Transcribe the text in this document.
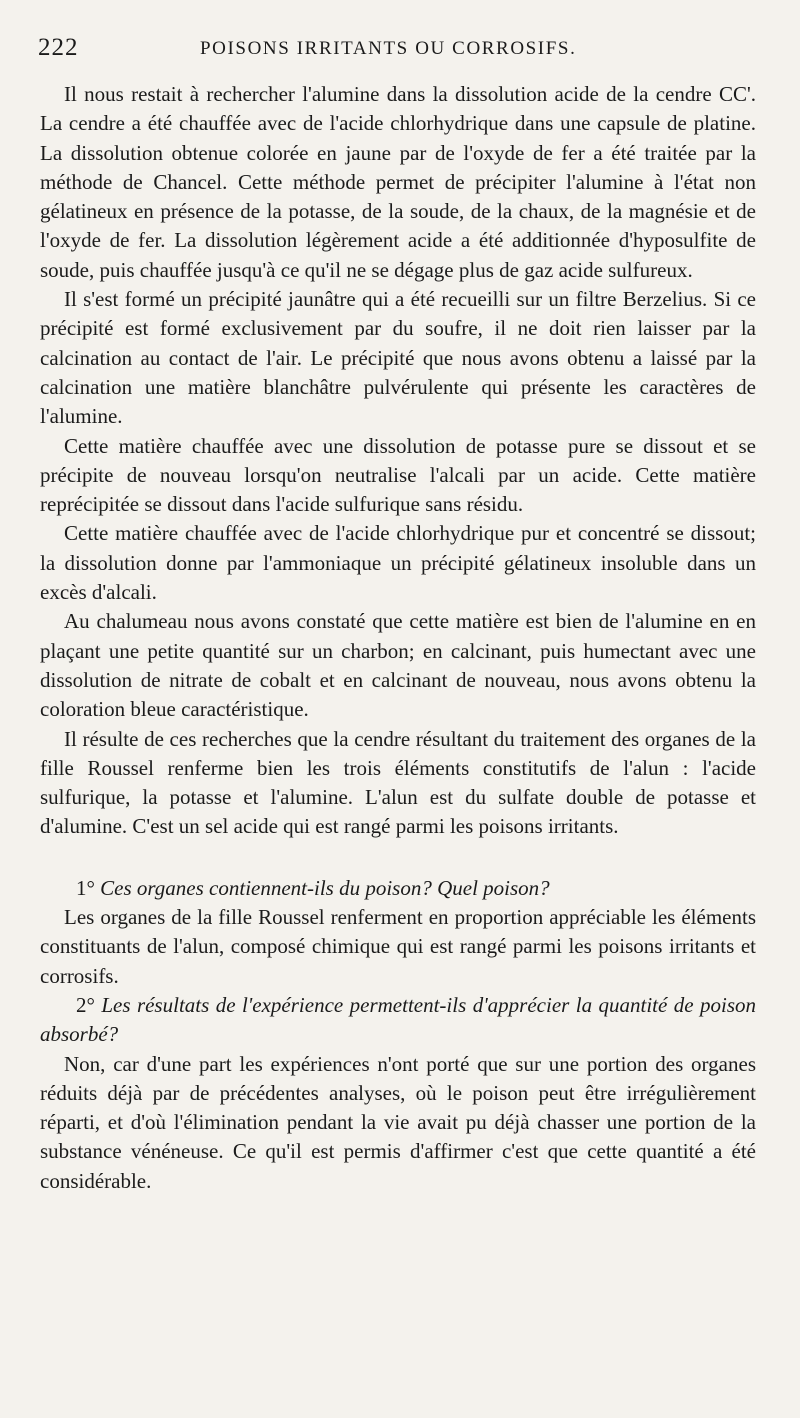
222	POISONS IRRITANTS OU CORROSIFS.

Il nous restait à rechercher l'alumine dans la dissolution acide de la cendre CC'. La cendre a été chauffée avec de l'acide chlorhydrique dans une capsule de platine. La dissolution obtenue colorée en jaune par de l'oxyde de fer a été traitée par la méthode de Chancel. Cette méthode permet de précipiter l'alumine à l'état non gélatineux en présence de la potasse, de la soude, de la chaux, de la magnésie et de l'oxyde de fer. La dissolution légèrement acide a été additionnée d'hyposulfite de soude, puis chauffée jusqu'à ce qu'il ne se dégage plus de gaz acide sulfureux.

Il s'est formé un précipité jaunâtre qui a été recueilli sur un filtre Berzelius. Si ce précipité est formé exclusivement par du soufre, il ne doit rien laisser par la calcination au contact de l'air. Le précipité que nous avons obtenu a laissé par la calcination une matière blanchâtre pulvérulente qui présente les caractères de l'alumine.

Cette matière chauffée avec une dissolution de potasse pure se dissout et se précipite de nouveau lorsqu'on neutralise l'alcali par un acide. Cette matière reprécipitée se dissout dans l'acide sulfurique sans résidu.

Cette matière chauffée avec de l'acide chlorhydrique pur et concentré se dissout; la dissolution donne par l'ammoniaque un précipité gélatineux insoluble dans un excès d'alcali.

Au chalumeau nous avons constaté que cette matière est bien de l'alumine en en plaçant une petite quantité sur un charbon; en calcinant, puis humectant avec une dissolution de nitrate de cobalt et en calcinant de nouveau, nous avons obtenu la coloration bleue caractéristique.

Il résulte de ces recherches que la cendre résultant du traitement des organes de la fille Roussel renferme bien les trois éléments constitutifs de l'alun : l'acide sulfurique, la potasse et l'alumine. L'alun est du sulfate double de potasse et d'alumine. C'est un sel acide qui est rangé parmi les poisons irritants.

1° Ces organes contiennent-ils du poison? Quel poison?

Les organes de la fille Roussel renferment en proportion appréciable les éléments constituants de l'alun, composé chimique qui est rangé parmi les poisons irritants et corrosifs.

2° Les résultats de l'expérience permettent-ils d'apprécier la quantité de poison absorbé?

Non, car d'une part les expériences n'ont porté que sur une portion des organes réduits déjà par de précédentes analyses, où le poison peut être irrégulièrement réparti, et d'où l'élimination pendant la vie avait pu déjà chasser une portion de la substance vénéneuse. Ce qu'il est permis d'affirmer c'est que cette quantité a été considérable.
